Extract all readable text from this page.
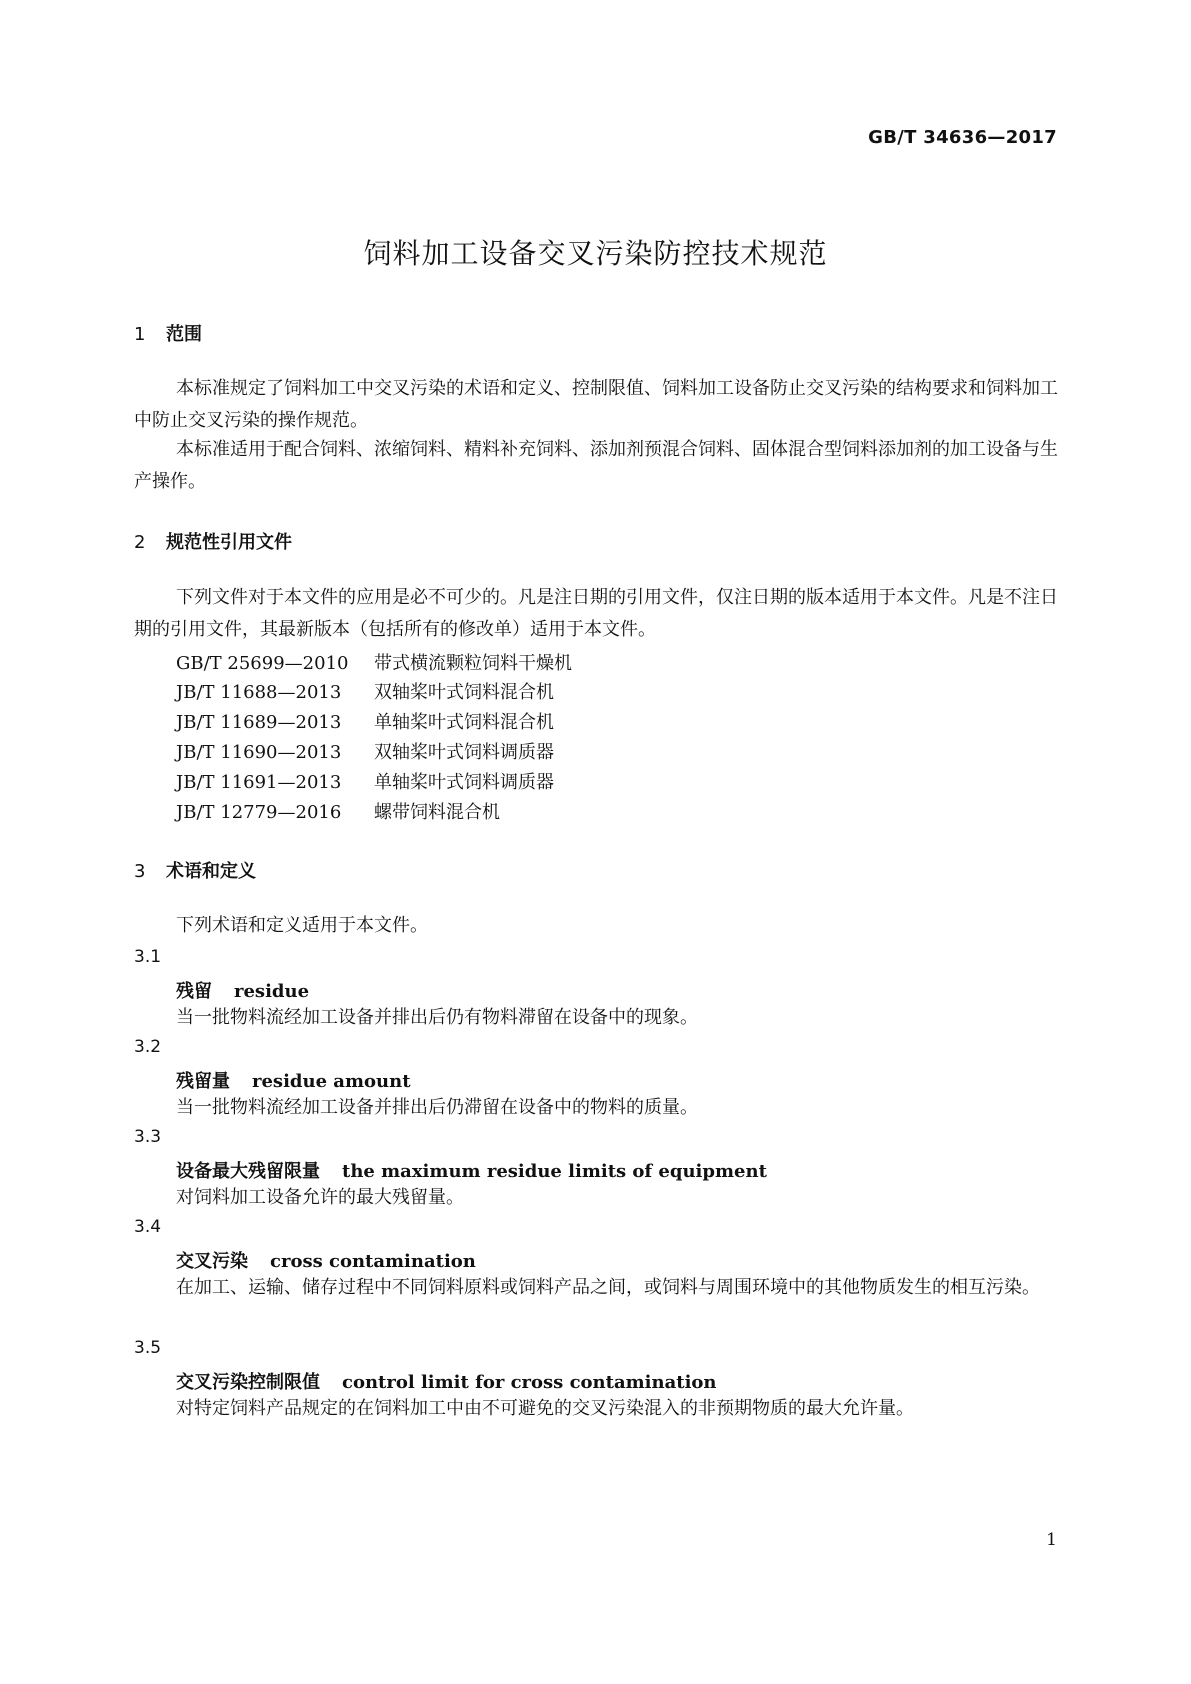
GB/T 34636—2017
饲料加工设备交叉污染防控技术规范
1 范围
本标准规定了饲料加工中交叉污染的术语和定义、控制限值、饲料加工设备防止交叉污染的结构要求和饲料加工中防止交叉污染的操作规范。
本标准适用于配合饲料、浓缩饲料、精料补充饲料、添加剂预混合饲料、固体混合型饲料添加剂的加工设备与生产操作。
2 规范性引用文件
下列文件对于本文件的应用是必不可少的。凡是注日期的引用文件，仅注日期的版本适用于本文件。凡是不注日期的引用文件，其最新版本（包括所有的修改单）适用于本文件。
GB/T 25699—2010 带式横流颗粒饲料干燥机
JB/T 11688—2013 双轴桨叶式饲料混合机
JB/T 11689—2013 单轴桨叶式饲料混合机
JB/T 11690—2013 双轴桨叶式饲料调质器
JB/T 11691—2013 单轴桨叶式饲料调质器
JB/T 12779—2016 螺带饲料混合机
3 术语和定义
下列术语和定义适用于本文件。
3.1
残留 residue
当一批物料流经加工设备并排出后仍有物料滞留在设备中的现象。
3.2
残留量 residue amount
当一批物料流经加工设备并排出后仍滞留在设备中的物料的质量。
3.3
设备最大残留限量 the maximum residue limits of equipment
对饲料加工设备允许的最大残留量。
3.4
交叉污染 cross contamination
在加工、运输、储存过程中不同饲料原料或饲料产品之间，或饲料与周围环境中的其他物质发生的相互污染。
3.5
交叉污染控制限值 control limit for cross contamination
对特定饲料产品规定的在饲料加工中由不可避免的交叉污染混入的非预期物质的最大允许量。
1
